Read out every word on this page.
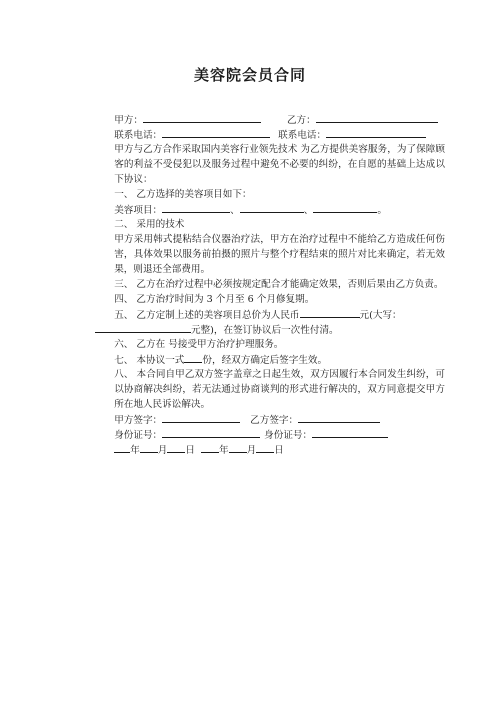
美容院会员合同
甲方：	乙方：
联系电话：	联系电话：
甲方与乙方合作采取国内美容行业领先技术 为乙方提供美容服务，为了保障顾客的利益不受侵犯以及服务过程中避免不必要的纠纷，在自愿的基础上达成以下协议：
一、 乙方选择的美容项目如下：
美容项目：	、	、	。
二、 采用的技术
甲方采用韩式提粘结合仪器治疗法，甲方在治疗过程中不能给乙方造成任何伤害，具体效果以服务前拍摄的照片与整个疗程结束的照片对比来确定，若无效果，则退还全部费用。
三、 乙方在治疗过程中必须按规定配合才能确定效果，否则后果由乙方负责。
四、 乙方治疗时间为 3 个月至 6 个月修复期。
五、 乙方定制上述的美容项目总价为人民币	元(大写：
元整)，在签订协议后一次性付清。
六、 乙方在 号接受甲方治疗护理服务。
七、 本协议一式 份，经双方确定后签字生效。
八、 本合同自甲乙双方签字盖章之日起生效，双方因履行本合同发生纠纷，可以协商解决纠纷，若无法通过协商谈判的形式进行解决的，双方同意提交甲方所在地人民诉讼解决。
甲方签字：	乙方签字：
身份证号：	身份证号：
年 月 日	年 月 日
